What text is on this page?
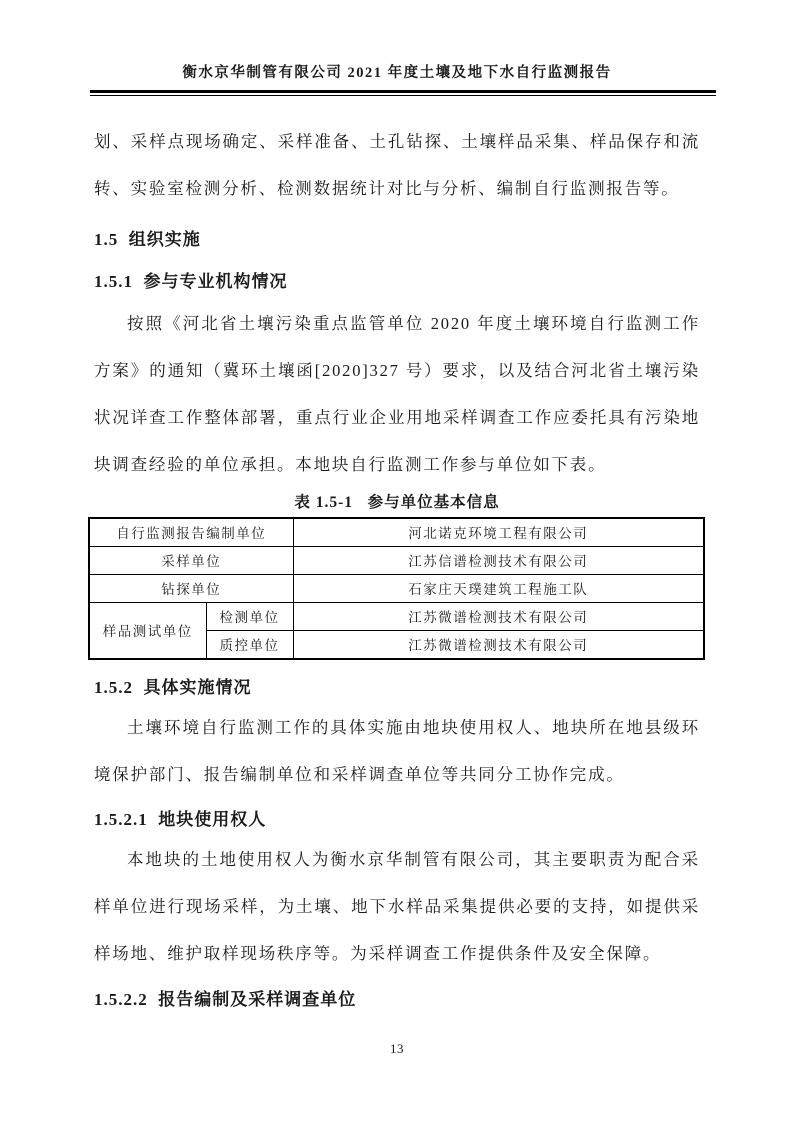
衡水京华制管有限公司 2021 年度土壤及地下水自行监测报告

划、采样点现场确定、采样准备、土孔钻探、土壤样品采集、样品保存和流转、实验室检测分析、检测数据统计对比与分析、编制自行监测报告等。

1.5  组织实施
1.5.1  参与专业机构情况

按照《河北省土壤污染重点监管单位 2020 年度土壤环境自行监测工作方案》的通知（冀环土壤函[2020]327 号）要求，以及结合河北省土壤污染状况详查工作整体部署，重点行业企业用地采样调查工作应委托具有污染地块调查经验的单位承担。本地块自行监测工作参与单位如下表。

表 1.5-1   参与单位基本信息
自行监测报告编制单位		河北诺克环境工程有限公司
采样单位		江苏信谱检测技术有限公司
钻探单位		石家庄天璞建筑工程施工队
样品测试单位	检测单位	江苏微谱检测技术有限公司
	质控单位	江苏微谱检测技术有限公司
1.5.2  具体实施情况

土壤环境自行监测工作的具体实施由地块使用权人、地块所在地县级环境保护部门、报告编制单位和采样调查单位等共同分工协作完成。

1.5.2.1  地块使用权人

本地块的土地使用权人为衡水京华制管有限公司，其主要职责为配合采样单位进行现场采样，为土壤、地下水样品采集提供必要的支持，如提供采样场地、维护取样现场秩序等。为采样调查工作提供条件及安全保障。

1.5.2.2  报告编制及采样调查单位
13
